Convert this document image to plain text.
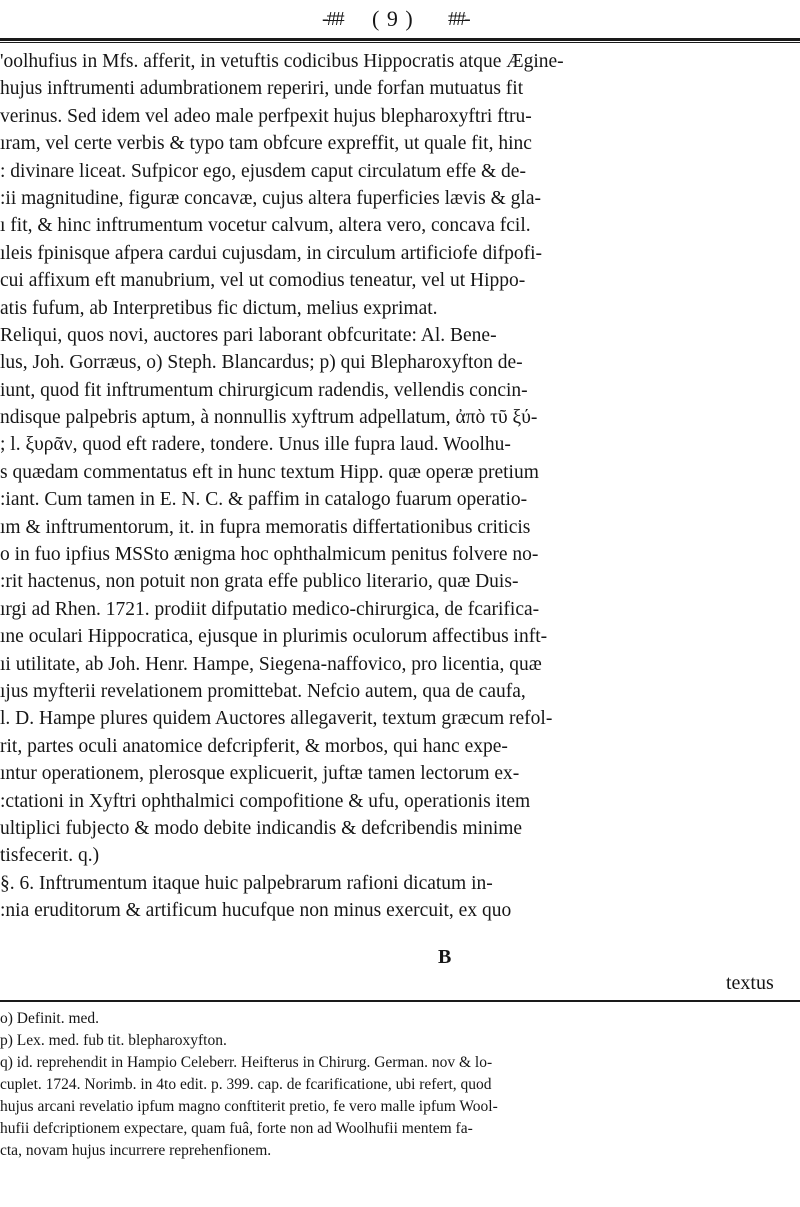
-## ( 9 ) ##-
'oolhufius in Mfs. afferit, in vetuftis codicibus Hippocratis atque Ægine-
hujus inftrumenti adumbrationem reperiri, unde forfan mutuatus fit
verinus. Sed idem vel adeo male perfpexit hujus blepharoxyftri ftru-
ıram, vel certe verbis & typo tam obfcure expreffit, ut quale fit, hinc
: divinare liceat. Sufpicor ego, ejusdem caput circulatum effe & de-
:ii magnitudine, figuræ concavæ, cujus altera fuperficies lævis & gla-
ı fit, & hinc inftrumentum vocetur calvum, altera vero, concava fcil.
ıleis fpinisque afpera cardui cujusdam, in circulum artificiofe difpofi-
cui affixum eft manubrium, vel ut comodius teneatur, vel ut Hippo-
atis fufum, ab Interpretibus fic dictum, melius exprimat.
Reliqui, quos novi, auctores pari laborant obfcuritate: Al. Bene-
lus, Joh. Gorræus, o) Steph. Blancardus; p) qui Blepharoxyfton de-
iunt, quod fit inftrumentum chirurgicum radendis, vellendis concin-
ndisque palpebris aptum, à nonnullis xyftrum adpellatum, ἀπὸ τῦ ξύ-
; l. ξυρᾶν, quod eft radere, tondere. Unus ille fupra laud. Woolhu-
s quædam commentatus eft in hunc textum Hipp. quæ operæ pretium
:iant. Cum tamen in E. N. C. & paffim in catalogo fuarum operatio-
ım & inftrumentorum, it. in fupra memoratis differtationibus criticis
o in fuo ipfius MSSto ænigma hoc ophthalmicum penitus folvere no-
:rit hactenus, non potuit non grata effe publico literario, quæ Duis-
ırgi ad Rhen. 1721. prodiit difputatio medico-chirurgica, de fcarifica-
ıne oculari Hippocratica, ejusque in plurimis oculorum affectibus inft-
ıi utilitate, ab Joh. Henr. Hampe, Siegena-naffovico, pro licentia, quæ
ıjus myfterii revelationem promittebat. Nefcio autem, qua de caufa,
l. D. Hampe plures quidem Auctores allegaverit, textum græcum refol-
rit, partes oculi anatomice defcripferit, & morbos, qui hanc expe-
ıntur operationem, plerosque explicuerit, juftæ tamen lectorum ex-
:ctationi in Xyftri ophthalmici compofitione & ufu, operationis item
ultiplici fubjecto & modo debite indicandis & defcribendis minime
tisfecerit. q.)
§. 6. Inftrumentum itaque huic palpebrarum rafioni dicatum in-
:nia eruditorum & artificum hucufque non minus exercuit, ex quo
B
textus
o) Definit. med.
p) Lex. med. fub tit. blepharoxyfton.
q) id. reprehendit in Hampio Celeberr. Heifterus in Chirurg. German. nov & lo-
cuplet. 1724. Norimb. in 4to edit. p. 399. cap. de fcarificatione, ubi refert, quod
hujus arcani revelatio ipfum magno conftiterit pretio, fe vero malle ipfum Wool-
hufii defcriptionem expectare, quam fuâ, forte non ad Woolhufii mentem fa-
cta, novam hujus incurrere reprehenfionem.
